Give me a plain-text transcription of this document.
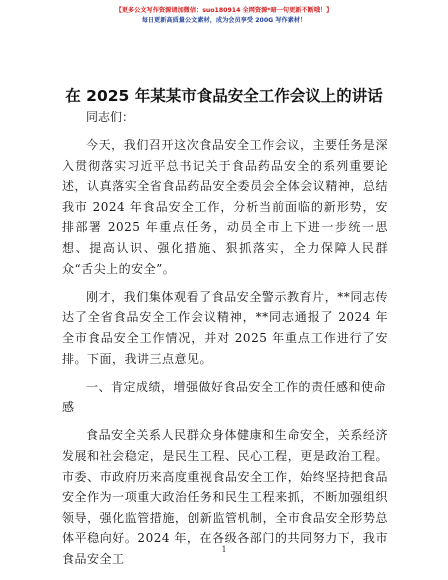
【更多公文写作资源请加微信：suo180914 全网资源*暗一句更新不断哦！】
每日更新高质量公文素材，成为会员享受 200G 写作素材！
在 2025 年某某市食品安全工作会议上的讲话

同志们：

今天，我们召开这次食品安全工作会议，主要任务是深入贯彻落实习近平总书记关于食品药品安全的系列重要论述，认真落实全省食品药品安全委员会全体会议精神，总结我市 2024 年食品安全工作，分析当前面临的新形势，安排部署 2025 年重点任务，动员全市上下进一步统一思想、提高认识、强化措施、狠抓落实，全力保障人民群众“舌尖上的安全”。

刚才，我们集体观看了食品安全警示教育片，**同志传达了全省食品安全工作会议精神，**同志通报了 2024 年全市食品安全工作情况，并对 2025 年重点工作进行了安排。下面，我讲三点意见。

一、肯定成绩，增强做好食品安全工作的责任感和使命感

食品安全关系人民群众身体健康和生命安全，关系经济发展和社会稳定，是民生工程、民心工程，更是政治工程。市委、市政府历来高度重视食品安全工作，始终坚持把食品安全作为一项重大政治任务和民生工程来抓，不断加强组织领导，强化监管措施，创新监管机制，全市食品安全形势总体平稳向好。2024 年，在各级各部门的共同努力下，我市食品安全工

1
